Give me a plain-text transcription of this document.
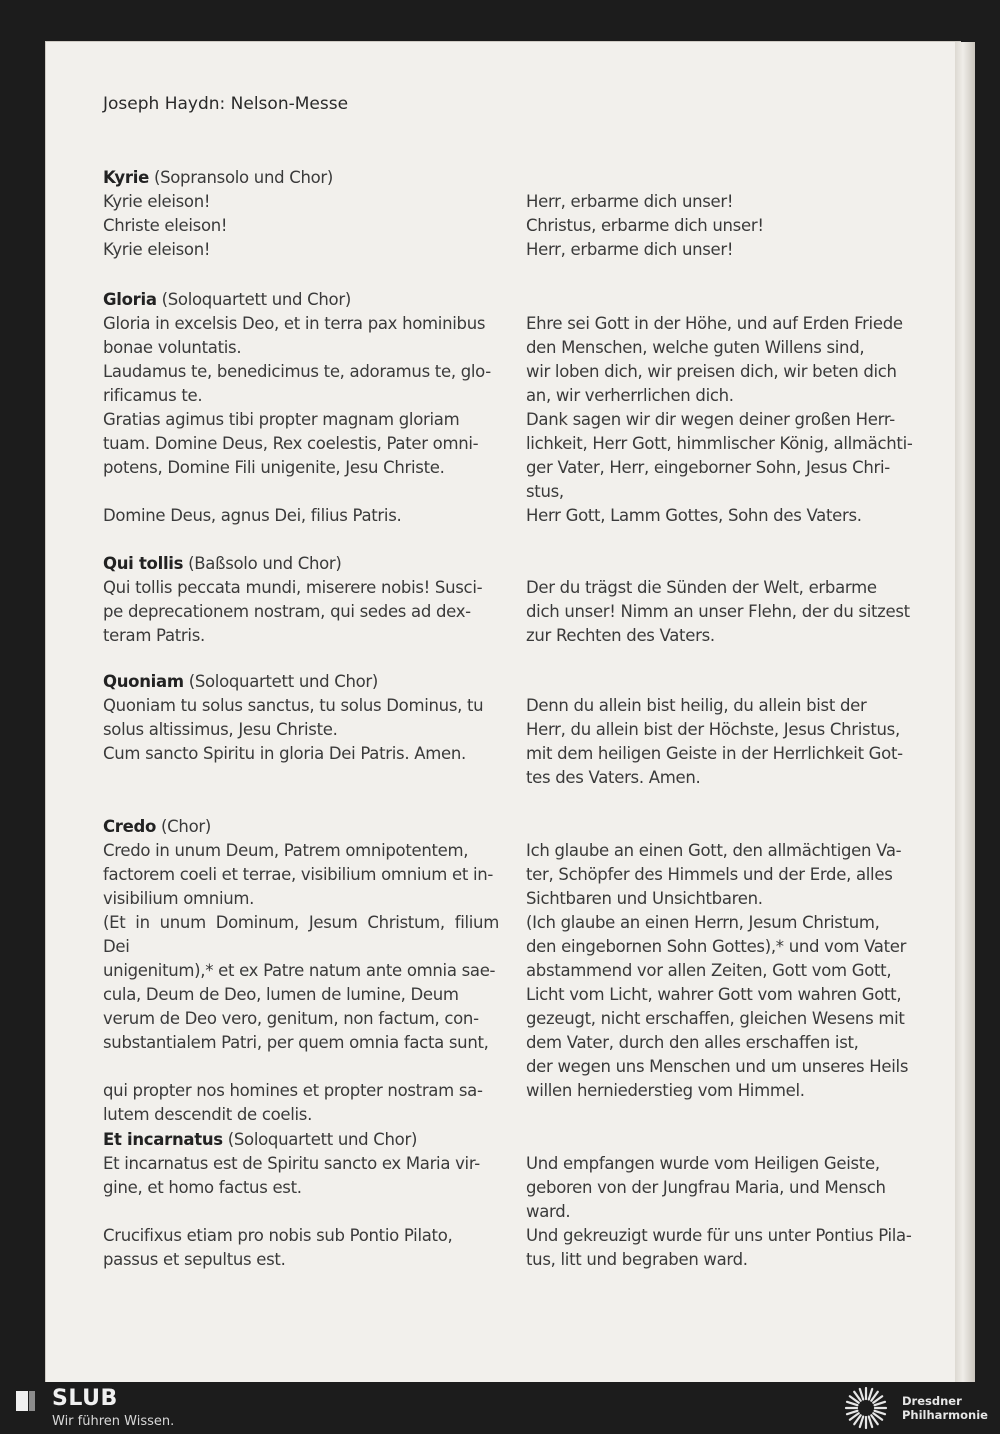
Joseph Haydn: Nelson-Messe
Kyrie (Sopransolo und Chor)
Kyrie eleison!
Christe eleison!
Kyrie eleison!
Herr, erbarme dich unser!
Christus, erbarme dich unser!
Herr, erbarme dich unser!
Gloria (Soloquartett und Chor)
Gloria in excelsis Deo, et in terra pax hominibus
bonae voluntatis.
Laudamus te, benedicimus te, adoramus te, glo-
rificamus te.
Gratias agimus tibi propter magnam gloriam
tuam. Domine Deus, Rex coelestis, Pater omni-
potens, Domine Fili unigenite, Jesu Christe.
Domine Deus, agnus Dei, filius Patris.
Ehre sei Gott in der Höhe, und auf Erden Friede
den Menschen, welche guten Willens sind,
wir loben dich, wir preisen dich, wir beten dich
an, wir verherrlichen dich.
Dank sagen wir dir wegen deiner großen Herr-
lichkeit, Herr Gott, himmlischer König, allmächti-
ger Vater, Herr, eingeborner Sohn, Jesus Chri-
stus,
Herr Gott, Lamm Gottes, Sohn des Vaters.
Qui tollis (Baßsolo und Chor)
Qui tollis peccata mundi, miserere nobis! Susci-
pe deprecationem nostram, qui sedes ad dex-
teram Patris.
Der du trägst die Sünden der Welt, erbarme
dich unser! Nimm an unser Flehn, der du sitzest
zur Rechten des Vaters.
Quoniam (Soloquartett und Chor)
Quoniam tu solus sanctus, tu solus Dominus, tu
solus altissimus, Jesu Christe.
Cum sancto Spiritu in gloria Dei Patris. Amen.
Denn du allein bist heilig, du allein bist der
Herr, du allein bist der Höchste, Jesus Christus,
mit dem heiligen Geiste in der Herrlichkeit Got-
tes des Vaters. Amen.
Credo (Chor)
Credo in unum Deum, Patrem omnipotentem,
factorem coeli et terrae, visibilium omnium et in-
visibilium omnium.
(Et in unum Dominum, Jesum Christum, filium Dei
unigenitum),* et ex Patre natum ante omnia sae-
cula, Deum de Deo, lumen de lumine, Deum
verum de Deo vero, genitum, non factum, con-
substantialem Patri, per quem omnia facta sunt,
qui propter nos homines et propter nostram sa-
lutem descendit de coelis.
Ich glaube an einen Gott, den allmächtigen Va-
ter, Schöpfer des Himmels und der Erde, alles
Sichtbaren und Unsichtbaren.
(Ich glaube an einen Herrn, Jesum Christum,
den eingebornen Sohn Gottes),* und vom Vater
abstammend vor allen Zeiten, Gott vom Gott,
Licht vom Licht, wahrer Gott vom wahren Gott,
gezeugt, nicht erschaffen, gleichen Wesens mit
dem Vater, durch den alles erschaffen ist,
der wegen uns Menschen und um unseres Heils
willen herniederstieg vom Himmel.
Et incarnatus (Soloquartett und Chor)
Et incarnatus est de Spiritu sancto ex Maria vir-
gine, et homo factus est.
Crucifixus etiam pro nobis sub Pontio Pilato,
passus et sepultus est.
Und empfangen wurde vom Heiligen Geiste,
geboren von der Jungfrau Maria, und Mensch
ward.
Und gekreuzigt wurde für uns unter Pontius Pila-
tus, litt und begraben ward.
SLUB
Wir führen Wissen.
Dresdner
Philharmonie
